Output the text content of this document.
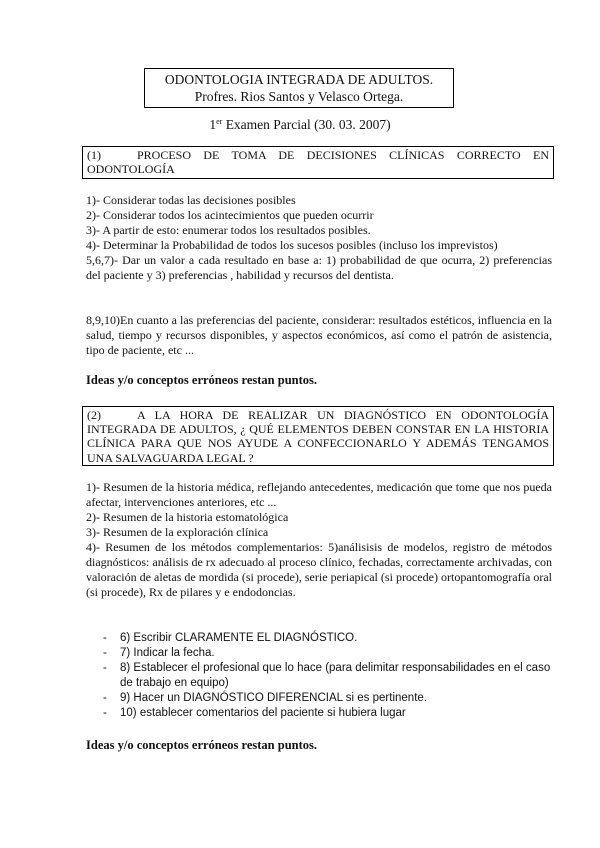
ODONTOLOGIA INTEGRADA DE ADULTOS.
Profres. Rios Santos y Velasco Ortega.
1er Examen Parcial (30. 03. 2007)
(1)	PROCESO DE TOMA DE DECISIONES CLÍNICAS CORRECTO EN
ODONTOLOGÍA

1)- Considerar todas las decisiones posibles

2)- Considerar todos los acintecimientos que pueden ocurrir

3)- A partir de esto: enumerar todos los resultados posibles.

4)- Determinar la Probabilidad de todos los sucesos posibles (incluso los imprevistos)

5,6,7)- Dar un valor a cada resultado en base a: 1) probabilidad de que ocurra, 2) preferencias del paciente y 3) preferencias , habilidad y recursos del dentista.

8,9,10)En cuanto a las preferencias del paciente, considerar: resultados estéticos, influencia en la salud, tiempo y recursos disponibles, y aspectos económicos, así como el patrón de asistencia, tipo de paciente, etc ...
Ideas y/o conceptos erróneos restan puntos.
(2)	A LA HORA DE REALIZAR UN DIAGNÓSTICO EN ODONTOLOGÍA
INTEGRADA DE ADULTOS, ¿ QUÉ ELEMENTOS DEBEN CONSTAR EN LA HISTORIA CLÍNICA PARA QUE NOS AYUDE A CONFECCIONARLO Y ADEMÁS TENGAMOS UNA SALVAGUARDA LEGAL ?

1)- Resumen de la historia médica, reflejando antecedentes, medicación que tome que nos pueda afectar, intervenciones anteriores, etc ...

2)- Resumen de la historia estomatológica

3)- Resumen de la exploración clínica

4)- Resumen de los métodos complementarios: 5)análisisis de modelos, registro de métodos diagnósticos: análisis de rx adecuado al proceso clínico, fechadas, correctamente archivadas, con valoración de aletas de mordida (si procede), serie periapical (si procede) ortopantomografía oral (si procede), Rx de pilares y e endodoncias.

- 6) Escribir CLARAMENTE EL DIAGNÓSTICO.
- 7) Indicar la fecha.
- 8) Establecer el profesional que lo hace (para delimitar responsabilidades en el caso de trabajo en equipo)
- 9) Hacer un DIAGNÓSTICO DIFERENCIAL si es pertinente.
- 10) establecer comentarios del paciente si hubiera lugar
Ideas y/o conceptos erróneos restan puntos.
